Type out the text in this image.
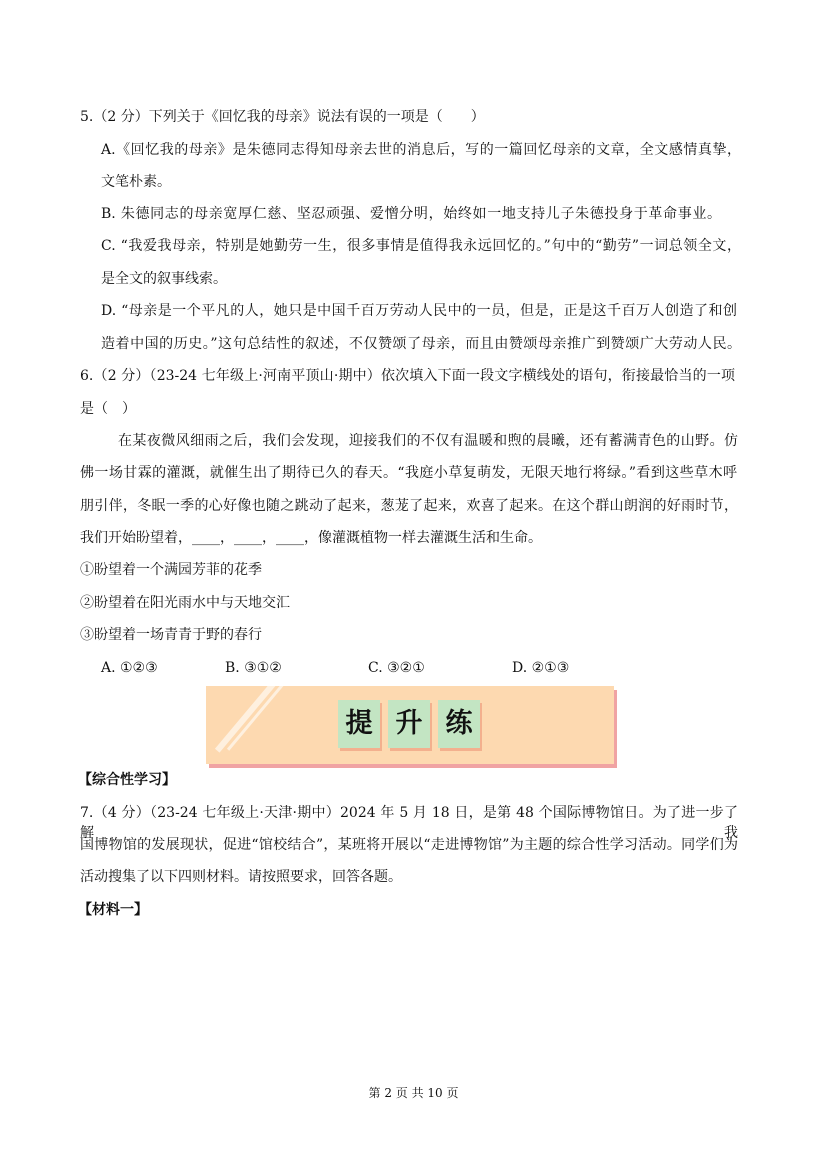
5.（2 分）下列关于《回忆我的母亲》说法有误的一项是（　　）
A.《回忆我的母亲》是朱德同志得知母亲去世的消息后，写的一篇回忆母亲的文章，全文感情真挚，
文笔朴素。
B. 朱德同志的母亲宽厚仁慈、坚忍顽强、爱憎分明，始终如一地支持儿子朱德投身于革命事业。
C. “我爱我母亲，特别是她勤劳一生，很多事情是值得我永远回忆的。”句中的“勤劳”一词总领全文，
是全文的叙事线索。
D. “母亲是一个平凡的人，她只是中国千百万劳动人民中的一员，但是，正是这千百万人创造了和创
造着中国的历史。”这句总结性的叙述，不仅赞颂了母亲，而且由赞颂母亲推广到赞颂广大劳动人民。
6.（2 分）（23-24 七年级上·河南平顶山·期中）依次填入下面一段文字横线处的语句，衔接最恰当的一项
是（　）
在某夜微风细雨之后，我们会发现，迎接我们的不仅有温暖和煦的晨曦，还有蓄满青色的山野。仿
佛一场甘霖的灌溉，就催生出了期待已久的春天。“我庭小草复萌发，无限天地行将绿。”看到这些草木呼
朋引伴，冬眠一季的心好像也随之跳动了起来，葱茏了起来，欢喜了起来。在这个群山朗润的好雨时节，
我们开始盼望着，____，____，____，像灌溉植物一样去灌溉生活和生命。
①盼望着一个满园芳菲的花季
②盼望着在阳光雨水中与天地交汇
③盼望着一场青青于野的春行
A. ①②③	B. ③①②	C. ③②①	D. ②①③
提 升 练
【综合性学习】
7.（4 分）（23-24 七年级上·天津·期中）2024 年 5 月 18 日，是第 48 个国际博物馆日。为了进一步了解我
国博物馆的发展现状，促进“馆校结合”，某班将开展以“走进博物馆”为主题的综合性学习活动。同学们为
活动搜集了以下四则材料。请按照要求，回答各题。
【材料一】
第 2 页 共 10 页
